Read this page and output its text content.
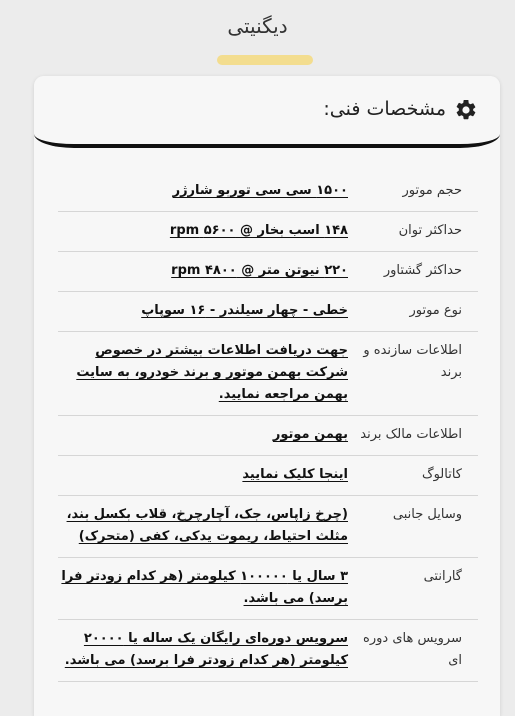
دیگنیتی
مشخصات فنی:
حجم موتور
۱۵۰۰ سی سی توربو شارژر
حداکثر توان
۱۴۸ اسب بخار @ ۵۶۰۰ rpm
حداکثر گشتاور
۲۲۰ نیوتن متر @ ۴۸۰۰ rpm
نوع موتور
خطی - چهار سیلندر - ۱۶ سوپاپ
اطلاعات سازنده و برند
جهت دریافت اطلاعات بیشتر در خصوص شرکت بهمن موتور و برند خودرو، به سایت بهمن مراجعه نمایید.
اطلاعات مالک برند
بهمن موتور
کاتالوگ
اینجا کلیک نمایید
وسایل جانبی
(چرخ زاپاس، جک، آچارچرخ، قلاب بکسل بند، مثلث احتیاط، ریموت یدکی، کفی (متحرک)
گارانتی
۳ سال یا ۱۰۰۰۰۰ کیلومتر (هر کدام زودتر فرا برسد) می باشد.
سرویس های دوره ای
سرویس دوره‌ای رایگان یک ساله یا ۲۰۰۰۰ کیلومتر (هر کدام زودتر فرا برسد) می باشد.
